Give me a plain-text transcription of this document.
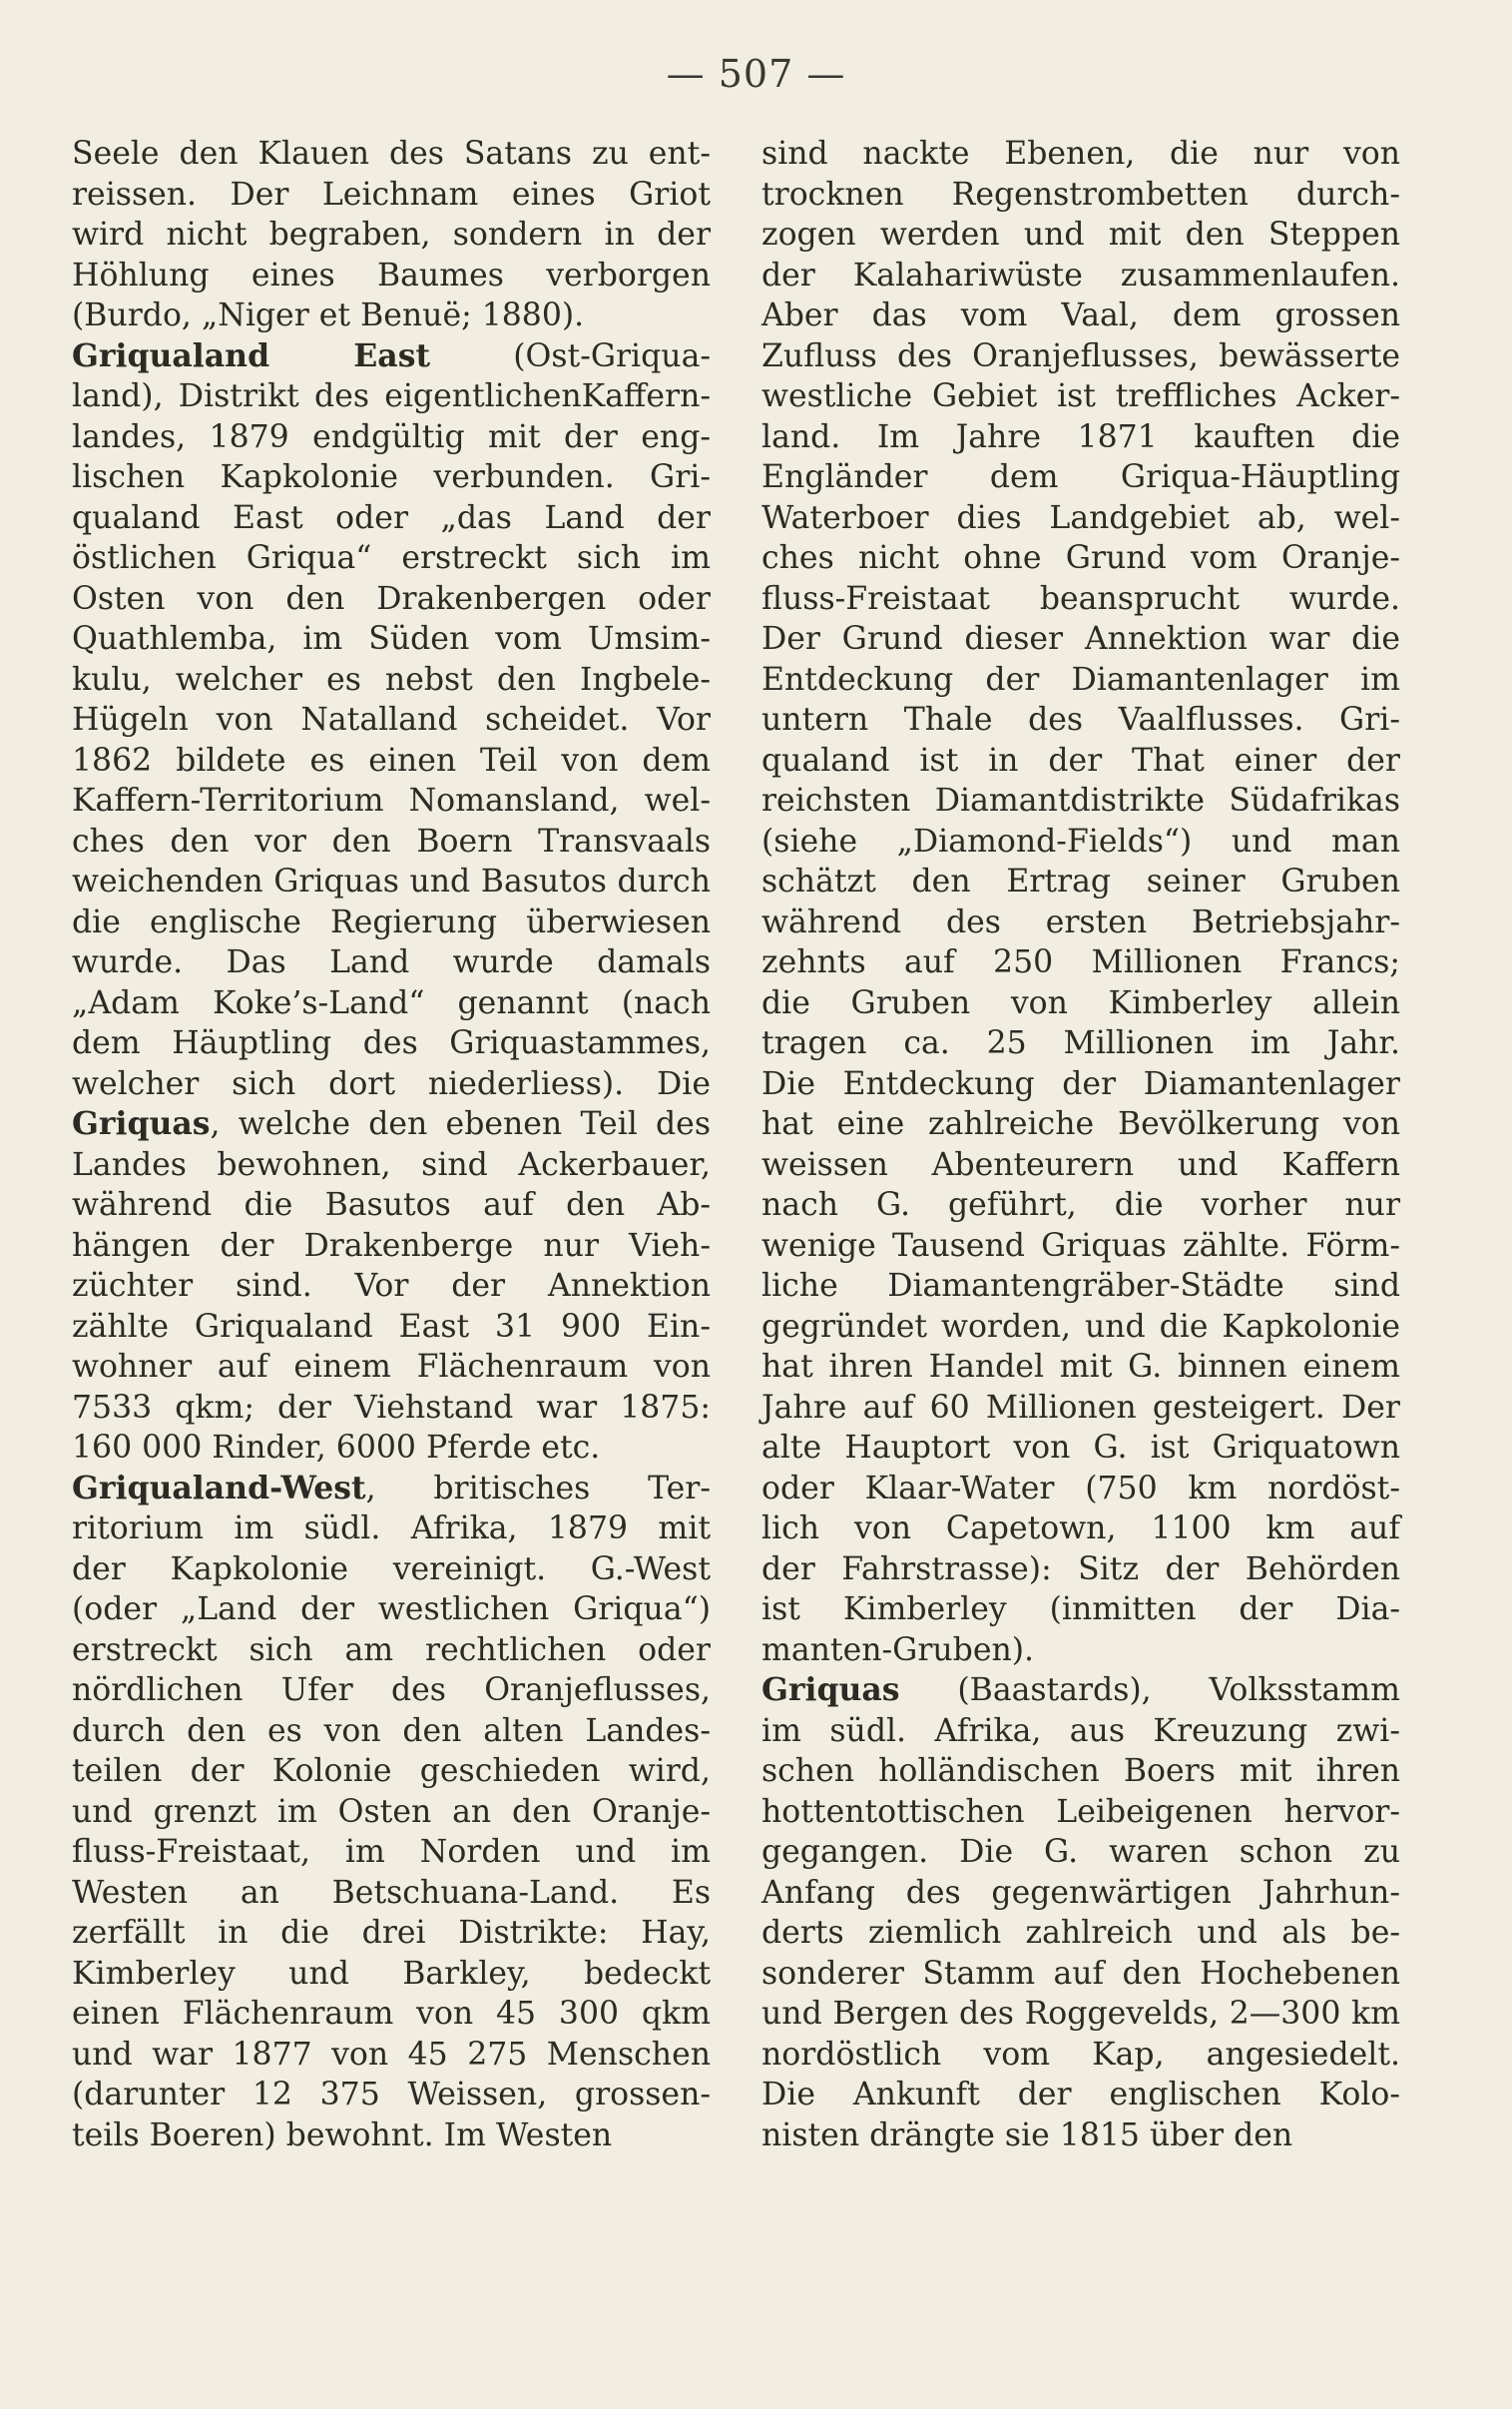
— 507 —
Seele den Klauen des Satans zu ent-
reissen. Der Leichnam eines Griot
wird nicht begraben, sondern in der
Höhlung eines Baumes verborgen
(Burdo, „Niger et Benuë; 1880).
Griqualand East (Ost-Griqua-
land), Distrikt des eigentlichenKaffern-
landes, 1879 endgültig mit der eng-
lischen Kapkolonie verbunden. Gri-
qualand East oder „das Land der
östlichen Griqua“ erstreckt sich im
Osten von den Drakenbergen oder
Quathlemba, im Süden vom Umsim-
kulu, welcher es nebst den Ingbele-
Hügeln von Natalland scheidet. Vor
1862 bildete es einen Teil von dem
Kaffern-Territorium Nomansland, wel-
ches den vor den Boern Transvaals
weichenden Griquas und Basutos durch
die englische Regierung überwiesen
wurde. Das Land wurde damals
„Adam Koke’s-Land“ genannt (nach
dem Häuptling des Griquastammes,
welcher sich dort niederliess). Die
Griquas, welche den ebenen Teil des
Landes bewohnen, sind Ackerbauer,
während die Basutos auf den Ab-
hängen der Drakenberge nur Vieh-
züchter sind. Vor der Annektion
zählte Griqualand East 31 900 Ein-
wohner auf einem Flächenraum von
7533 qkm; der Viehstand war 1875:
160 000 Rinder, 6000 Pferde etc.
Griqualand-West, britisches Ter-
ritorium im südl. Afrika, 1879 mit
der Kapkolonie vereinigt. G.-West
(oder „Land der westlichen Griqua“)
erstreckt sich am rechtlichen oder
nördlichen Ufer des Oranjeflusses,
durch den es von den alten Landes-
teilen der Kolonie geschieden wird,
und grenzt im Osten an den Oranje-
fluss-Freistaat, im Norden und im
Westen an Betschuana-Land. Es
zerfällt in die drei Distrikte: Hay,
Kimberley und Barkley, bedeckt
einen Flächenraum von 45 300 qkm
und war 1877 von 45 275 Menschen
(darunter 12 375 Weissen, grossen-
teils Boeren) bewohnt. Im Westen
sind nackte Ebenen, die nur von
trocknen Regenstrombetten durch-
zogen werden und mit den Steppen
der Kalahariwüste zusammenlaufen.
Aber das vom Vaal, dem grossen
Zufluss des Oranjeflusses, bewässerte
westliche Gebiet ist treffliches Acker-
land. Im Jahre 1871 kauften die
Engländer dem Griqua-Häuptling
Waterboer dies Landgebiet ab, wel-
ches nicht ohne Grund vom Oranje-
fluss-Freistaat beansprucht wurde.
Der Grund dieser Annektion war die
Entdeckung der Diamantenlager im
untern Thale des Vaalflusses. Gri-
qualand ist in der That einer der
reichsten Diamantdistrikte Südafrikas
(siehe „Diamond-Fields“) und man
schätzt den Ertrag seiner Gruben
während des ersten Betriebsjahr-
zehnts auf 250 Millionen Francs;
die Gruben von Kimberley allein
tragen ca. 25 Millionen im Jahr.
Die Entdeckung der Diamantenlager
hat eine zahlreiche Bevölkerung von
weissen Abenteurern und Kaffern
nach G. geführt, die vorher nur
wenige Tausend Griquas zählte. Förm-
liche Diamantengräber-Städte sind
gegründet worden, und die Kapkolonie
hat ihren Handel mit G. binnen einem
Jahre auf 60 Millionen gesteigert. Der
alte Hauptort von G. ist Griquatown
oder Klaar-Water (750 km nordöst-
lich von Capetown, 1100 km auf
der Fahrstrasse): Sitz der Behörden
ist Kimberley (inmitten der Dia-
manten-Gruben).
Griquas (Baastards), Volksstamm
im südl. Afrika, aus Kreuzung zwi-
schen holländischen Boers mit ihren
hottentottischen Leibeigenen hervor-
gegangen. Die G. waren schon zu
Anfang des gegenwärtigen Jahrhun-
derts ziemlich zahlreich und als be-
sonderer Stamm auf den Hochebenen
und Bergen des Roggevelds, 2—300 km
nordöstlich vom Kap, angesiedelt.
Die Ankunft der englischen Kolo-
nisten drängte sie 1815 über den
